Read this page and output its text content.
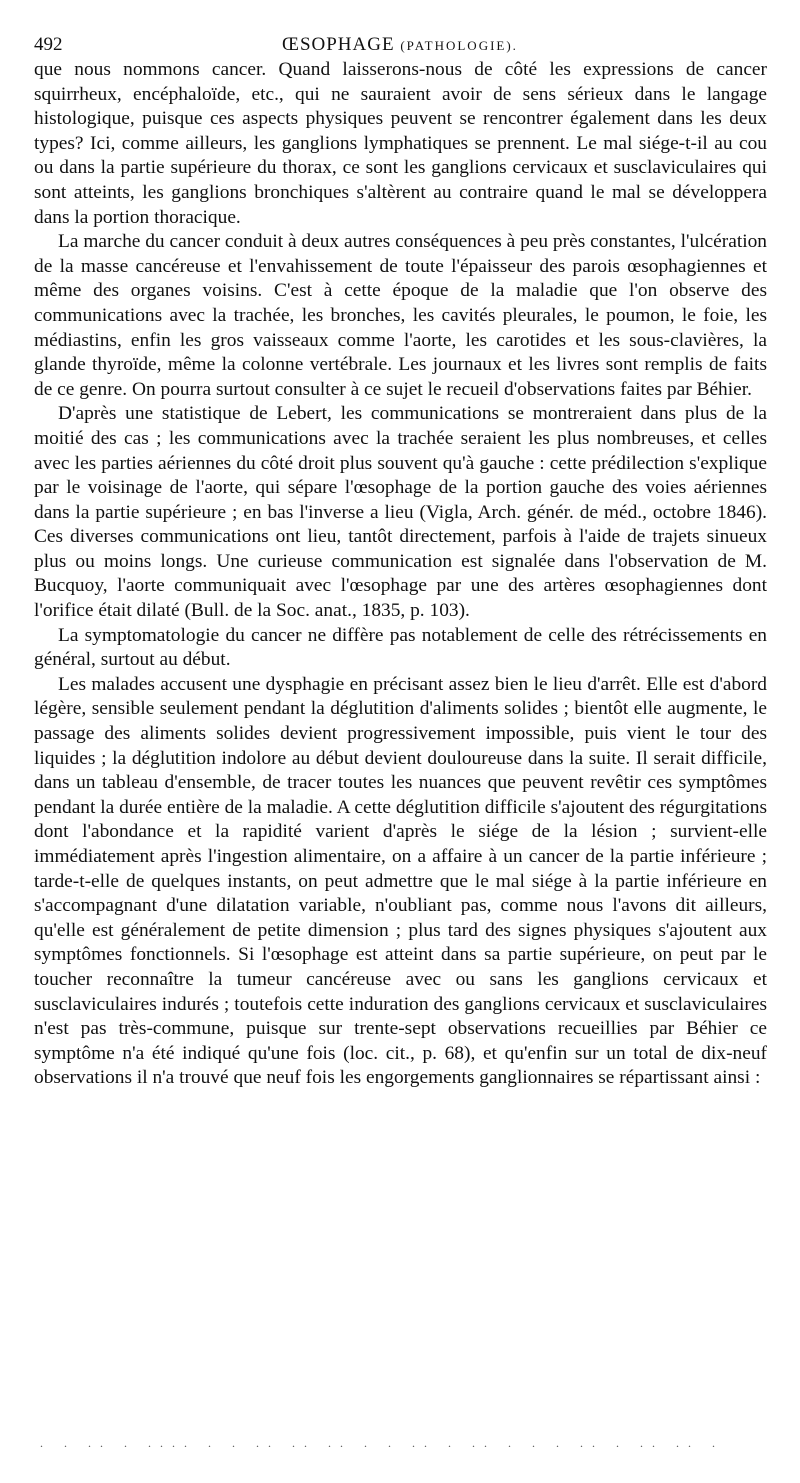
492	ŒSOPHAGE (PATHOLOGIE).

que nous nommons cancer. Quand laisserons-nous de côté les expressions de cancer squirrheux, encéphaloïde, etc., qui ne sauraient avoir de sens sérieux dans le langage histologique, puisque ces aspects physiques peuvent se rencontrer également dans les deux types? Ici, comme ailleurs, les ganglions lymphatiques se prennent. Le mal siége-t-il au cou ou dans la partie supérieure du thorax, ce sont les ganglions cervicaux et susclaviculaires qui sont atteints, les ganglions bronchiques s'altèrent au contraire quand le mal se développera dans la portion thoracique.

La marche du cancer conduit à deux autres conséquences à peu près constantes, l'ulcération de la masse cancéreuse et l'envahissement de toute l'épaisseur des parois œsophagiennes et même des organes voisins. C'est à cette époque de la maladie que l'on observe des communications avec la trachée, les bronches, les cavités pleurales, le poumon, le foie, les médiastins, enfin les gros vaisseaux comme l'aorte, les carotides et les sous-clavières, la glande thyroïde, même la colonne vertébrale. Les journaux et les livres sont remplis de faits de ce genre. On pourra surtout consulter à ce sujet le recueil d'observations faites par Béhier.

D'après une statistique de Lebert, les communications se montreraient dans plus de la moitié des cas ; les communications avec la trachée seraient les plus nombreuses, et celles avec les parties aériennes du côté droit plus souvent qu'à gauche : cette prédilection s'explique par le voisinage de l'aorte, qui sépare l'œsophage de la portion gauche des voies aériennes dans la partie supérieure ; en bas l'inverse a lieu (Vigla, Arch. génér. de méd., octobre 1846). Ces diverses communications ont lieu, tantôt directement, parfois à l'aide de trajets sinueux plus ou moins longs. Une curieuse communication est signalée dans l'observation de M. Bucquoy, l'aorte communiquait avec l'œsophage par une des artères œsophagiennes dont l'orifice était dilaté (Bull. de la Soc. anat., 1835, p. 103).

La symptomatologie du cancer ne diffère pas notablement de celle des rétrécissements en général, surtout au début.

Les malades accusent une dysphagie en précisant assez bien le lieu d'arrêt. Elle est d'abord légère, sensible seulement pendant la déglutition d'aliments solides ; bientôt elle augmente, le passage des aliments solides devient progressivement impossible, puis vient le tour des liquides ; la déglutition indolore au début devient douloureuse dans la suite. Il serait difficile, dans un tableau d'ensemble, de tracer toutes les nuances que peuvent revêtir ces symptômes pendant la durée entière de la maladie. A cette déglutition difficile s'ajoutent des régurgitations dont l'abondance et la rapidité varient d'après le siége de la lésion ; survient-elle immédiatement après l'ingestion alimentaire, on a affaire à un cancer de la partie inférieure ; tarde-t-elle de quelques instants, on peut admettre que le mal siége à la partie inférieure en s'accompagnant d'une dilatation variable, n'oubliant pas, comme nous l'avons dit ailleurs, qu'elle est généralement de petite dimension ; plus tard des signes physiques s'ajoutent aux symptômes fonctionnels. Si l'œsophage est atteint dans sa partie supérieure, on peut par le toucher reconnaître la tumeur cancéreuse avec ou sans les ganglions cervicaux et susclaviculaires indurés ; toutefois cette induration des ganglions cervicaux et susclaviculaires n'est pas très-commune, puisque sur trente-sept observations recueillies par Béhier ce symptôme n'a été indiqué qu'une fois (loc. cit., p. 68), et qu'enfin sur un total de dix-neuf observations il n'a trouvé que neuf fois les engorgements ganglionnaires se répartissant ainsi :

. . .. . .... . . .. .. .. . . .. . .. . . . .. . .. .. .
